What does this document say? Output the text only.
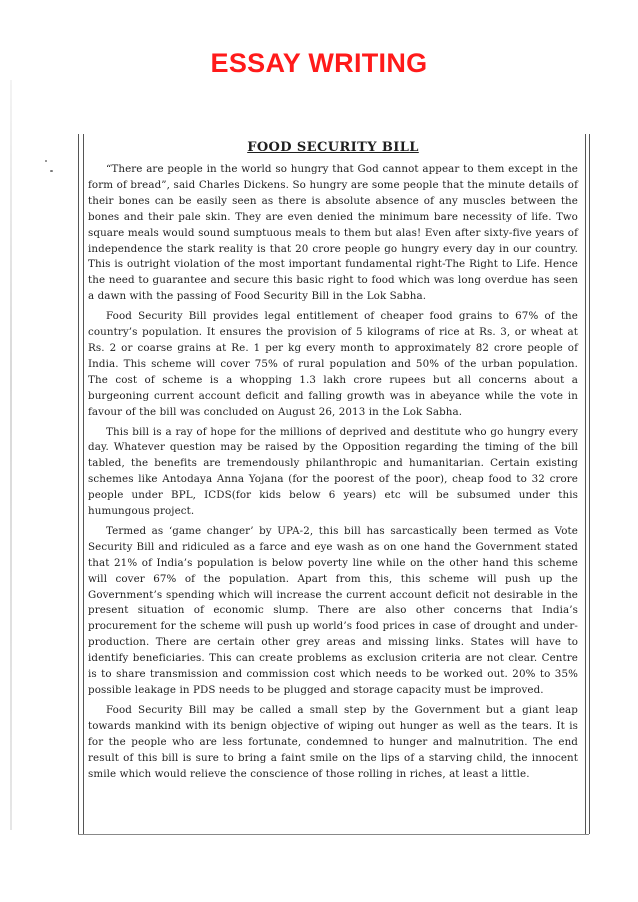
ESSAY WRITING
FOOD SECURITY BILL

“There are people in the world so hungry that God cannot appear to them except in the form of bread”, said Charles Dickens. So hungry are some people that the minute details of their bones can be easily seen as there is absolute absence of any muscles between the bones and their pale skin. They are even denied the minimum bare necessity of life. Two square meals would sound sumptuous meals to them but alas! Even after sixty-five years of independence the stark reality is that 20 crore people go hungry every day in our country. This is outright violation of the most important fundamental right-The Right to Life. Hence the need to guarantee and secure this basic right to food which was long overdue has seen a dawn with the passing of Food Security Bill in the Lok Sabha.

Food Security Bill provides legal entitlement of cheaper food grains to 67% of the country’s population. It ensures the provision of 5 kilograms of rice at Rs. 3, or wheat at Rs. 2 or coarse grains at Re. 1 per kg every month to approximately 82 crore people of India. This scheme will cover 75% of rural population and 50% of the urban population. The cost of scheme is a whopping 1.3 lakh crore rupees but all concerns about a burgeoning current account deficit and falling growth was in abeyance while the vote in favour of the bill was concluded on August 26, 2013 in the Lok Sabha.

This bill is a ray of hope for the millions of deprived and destitute who go hungry every day. Whatever question may be raised by the Opposition regarding the timing of the bill tabled, the benefits are tremendously philanthropic and humanitarian. Certain existing schemes like Antodaya Anna Yojana (for the poorest of the poor), cheap food to 32 crore people under BPL, ICDS(for kids below 6 years) etc will be subsumed under this humungous project.

Termed as ‘game changer’ by UPA-2, this bill has sarcastically been termed as Vote Security Bill and ridiculed as a farce and eye wash as on one hand the Government stated that 21% of India’s population is below poverty line while on the other hand this scheme will cover 67% of the population. Apart from this, this scheme will push up the Government’s spending which will increase the current account deficit not desirable in the present situation of economic slump. There are also other concerns that India’s procurement for the scheme will push up world’s food prices in case of drought and under- production. There are certain other grey areas and missing links. States will have to identify beneficiaries. This can create problems as exclusion criteria are not clear. Centre is to share transmission and commission cost which needs to be worked out. 20% to 35% possible leakage in PDS needs to be plugged and storage capacity must be improved.

Food Security Bill may be called a small step by the Government but a giant leap towards mankind with its benign objective of wiping out hunger as well as the tears. It is for the people who are less fortunate, condemned to hunger and malnutrition. The end result of this bill is sure to bring a faint smile on the lips of a starving child, the innocent smile which would relieve the conscience of those rolling in riches, at least a little.
